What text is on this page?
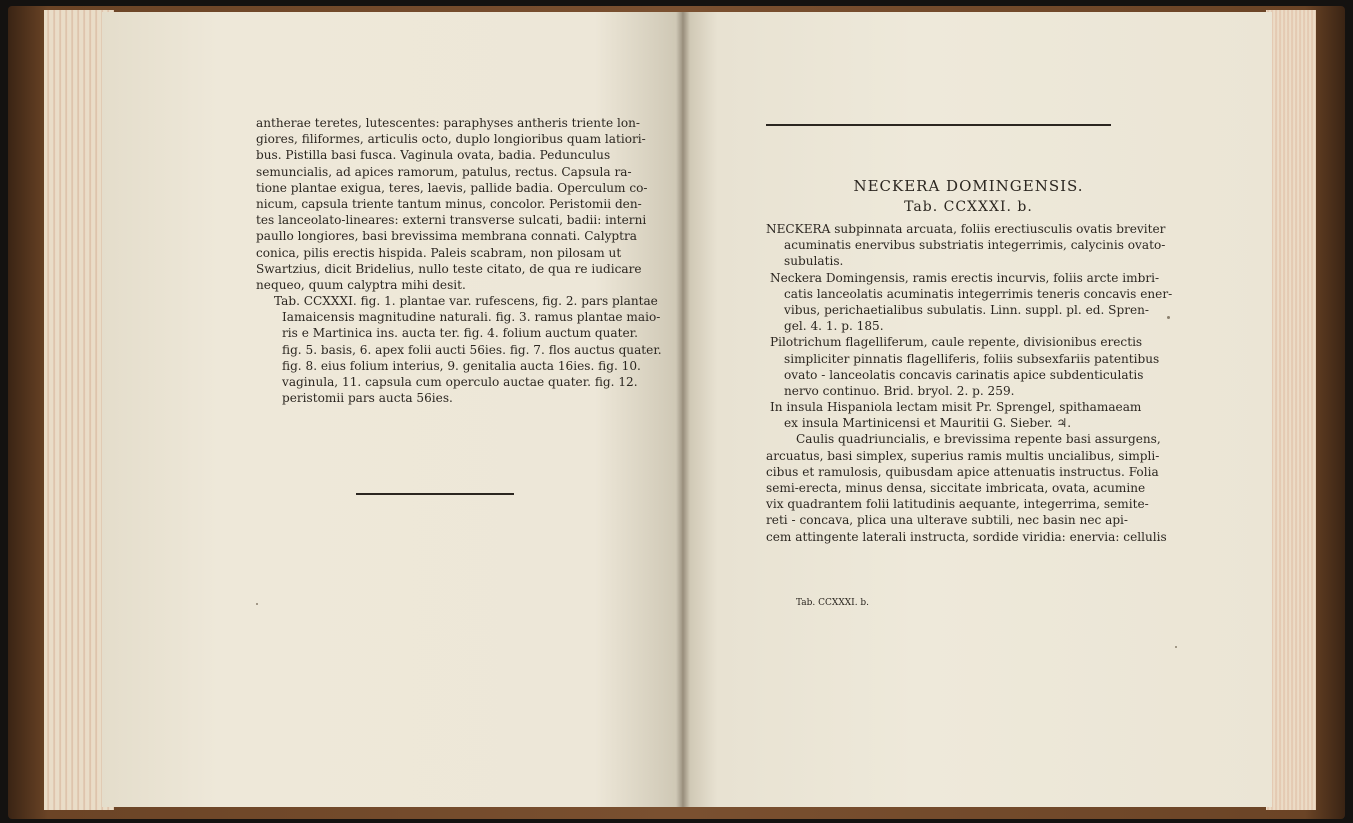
antherae teretes, lutescentes: paraphyses antheris triente lon-
giores, filiformes, articulis octo, duplo longioribus quam latiori-
bus. Pistilla basi fusca. Vaginula ovata, badia. Pedunculus
semuncialis, ad apices ramorum, patulus, rectus. Capsula ra-
tione plantae exigua, teres, laevis, pallide badia. Operculum co-
nicum, capsula triente tantum minus, concolor. Peristomii den-
tes lanceolato-lineares: externi transverse sulcati, badii: interni
paullo longiores, basi brevissima membrana connati. Calyptra
conica, pilis erectis hispida. Paleis scabram, non pilosam ut
Swartzius, dicit Bridelius, nullo teste citato, de qua re iudicare
nequeo, quum calyptra mihi desit.
Tab. CCXXXI. fig. 1. plantae var. rufescens, fig. 2. pars plantae
Iamaicensis magnitudine naturali. fig. 3. ramus plantae maio-
ris e Martinica ins. aucta ter. fig. 4. folium auctum quater.
fig. 5. basis, 6. apex folii aucti 56ies. fig. 7. flos auctus quater.
fig. 8. eius folium interius, 9. genitalia aucta 16ies. fig. 10.
vaginula, 11. capsula cum operculo auctae quater. fig. 12.
peristomii pars aucta 56ies.
NECKERA DOMINGENSIS.
Tab. CCXXXI. b.
NECKERA subpinnata arcuata, foliis erectiusculis ovatis breviter
acuminatis enervibus substriatis integerrimis, calycinis ovato-
subulatis.
Neckera Domingensis, ramis erectis incurvis, foliis arcte imbri-
catis lanceolatis acuminatis integerrimis teneris concavis ener-
vibus, perichaetialibus subulatis. Linn. suppl. pl. ed. Spren-
gel. 4. 1. p. 185.
Pilotrichum flagelliferum, caule repente, divisionibus erectis
simpliciter pinnatis flagelliferis, foliis subsexfariis patentibus
ovato - lanceolatis concavis carinatis apice subdenticulatis
nervo continuo. Brid. bryol. 2. p. 259.
In insula Hispaniola lectam misit Pr. Sprengel, spithamaeam
ex insula Martinicensi et Mauritii G. Sieber. ♃.
Caulis quadriuncialis, e brevissima repente basi assurgens,
arcuatus, basi simplex, superius ramis multis uncialibus, simpli-
cibus et ramulosis, quibusdam apice attenuatis instructus. Folia
semi-erecta, minus densa, siccitate imbricata, ovata, acumine
vix quadrantem folii latitudinis aequante, integerrima, semite-
reti - concava, plica una ulterave subtili, nec basin nec api-
cem attingente laterali instructa, sordide viridia: enervia: cellulis
Tab. CCXXXI. b.
